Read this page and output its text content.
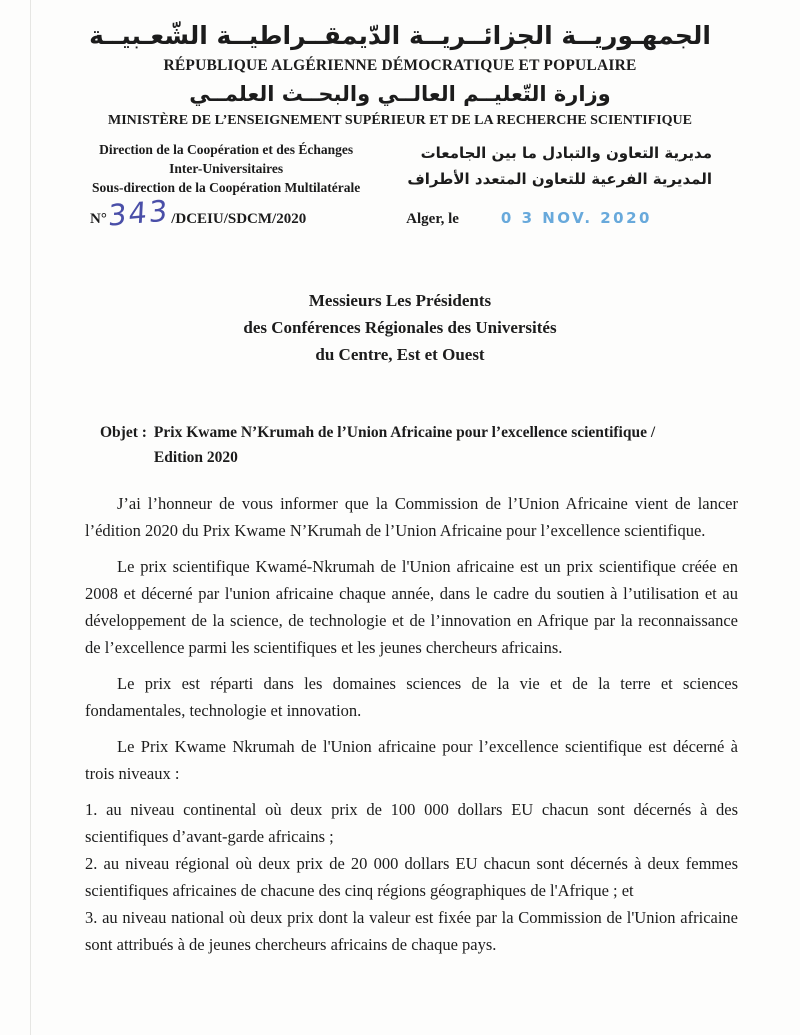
الجمهـوريــة الجزائــريــة الدّيمقــراطيــة الشّعـبيــة
RÉPUBLIQUE ALGÉRIENNE DÉMOCRATIQUE ET POPULAIRE
وزارة التّعليــم العالــي والبحــث العلمــي
MINISTÈRE DE L’ENSEIGNEMENT SUPÉRIEUR ET DE LA RECHERCHE SCIENTIFIQUE
Direction de la Coopération et des Échanges
Inter-Universitaires
Sous-direction de la Coopération Multilatérale
مديرية التعاون والتبادل ما بين الجامعات
المديرية الفرعية للتعاون المتعدد الأطراف
N° 343 /DCEIU/SDCM/2020	Alger, le	0 3 NOV. 2020
Messieurs Les Présidents
des Conférences Régionales des Universités
du Centre, Est et Ouest
Objet : Prix Kwame N’Krumah de l’Union Africaine pour l’excellence scientifique /
Edition 2020

J’ai l’honneur de vous informer que la Commission de l’Union Africaine vient de lancer l’édition 2020 du Prix Kwame N’Krumah de l’Union Africaine pour l’excellence scientifique.

Le prix scientifique Kwamé-Nkrumah de l'Union africaine est un prix scientifique créée en 2008 et décerné par l'union africaine chaque année, dans le cadre du soutien à l’utilisation et au développement de la science, de technologie et de l’innovation en Afrique par la reconnaissance de l’excellence parmi les scientifiques et les jeunes chercheurs africains.

Le prix est réparti dans les domaines sciences de la vie et de la terre et sciences fondamentales, technologie et innovation.

Le Prix Kwame Nkrumah de l'Union africaine pour l’excellence scientifique est décerné à trois niveaux :

1. au niveau continental où deux prix de 100 000 dollars EU chacun sont décernés à des scientifiques d’avant-garde africains ;

2. au niveau régional où deux prix de 20 000 dollars EU chacun sont décernés à deux femmes scientifiques africaines de chacune des cinq régions géographiques de l'Afrique ; et

3. au niveau national où deux prix dont la valeur est fixée par la Commission de l'Union africaine sont attribués à de jeunes chercheurs africains de chaque pays.
